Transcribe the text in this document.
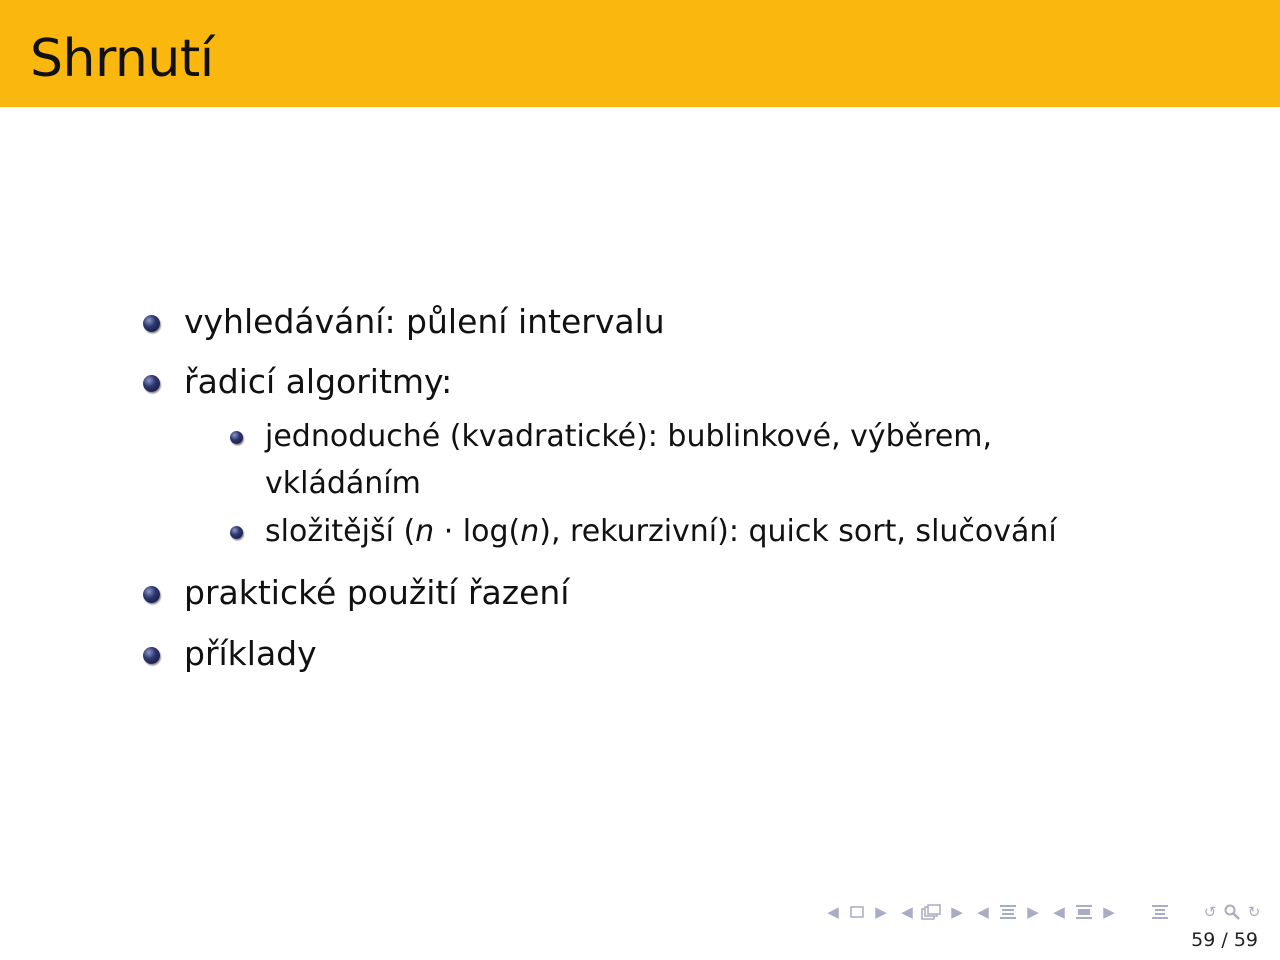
Shrnutí
vyhledávání: půlení intervalu
řadicí algoritmy:
jednoduché (kvadratické): bublinkové, výběrem,
vkládáním
složitější (n · log(n), rekurzivní): quick sort, slučování
praktické použití řazení
příklady
◀ ▶ ◀	▶ ◀	▶ ◀	▶	↺ ↻
59 / 59
